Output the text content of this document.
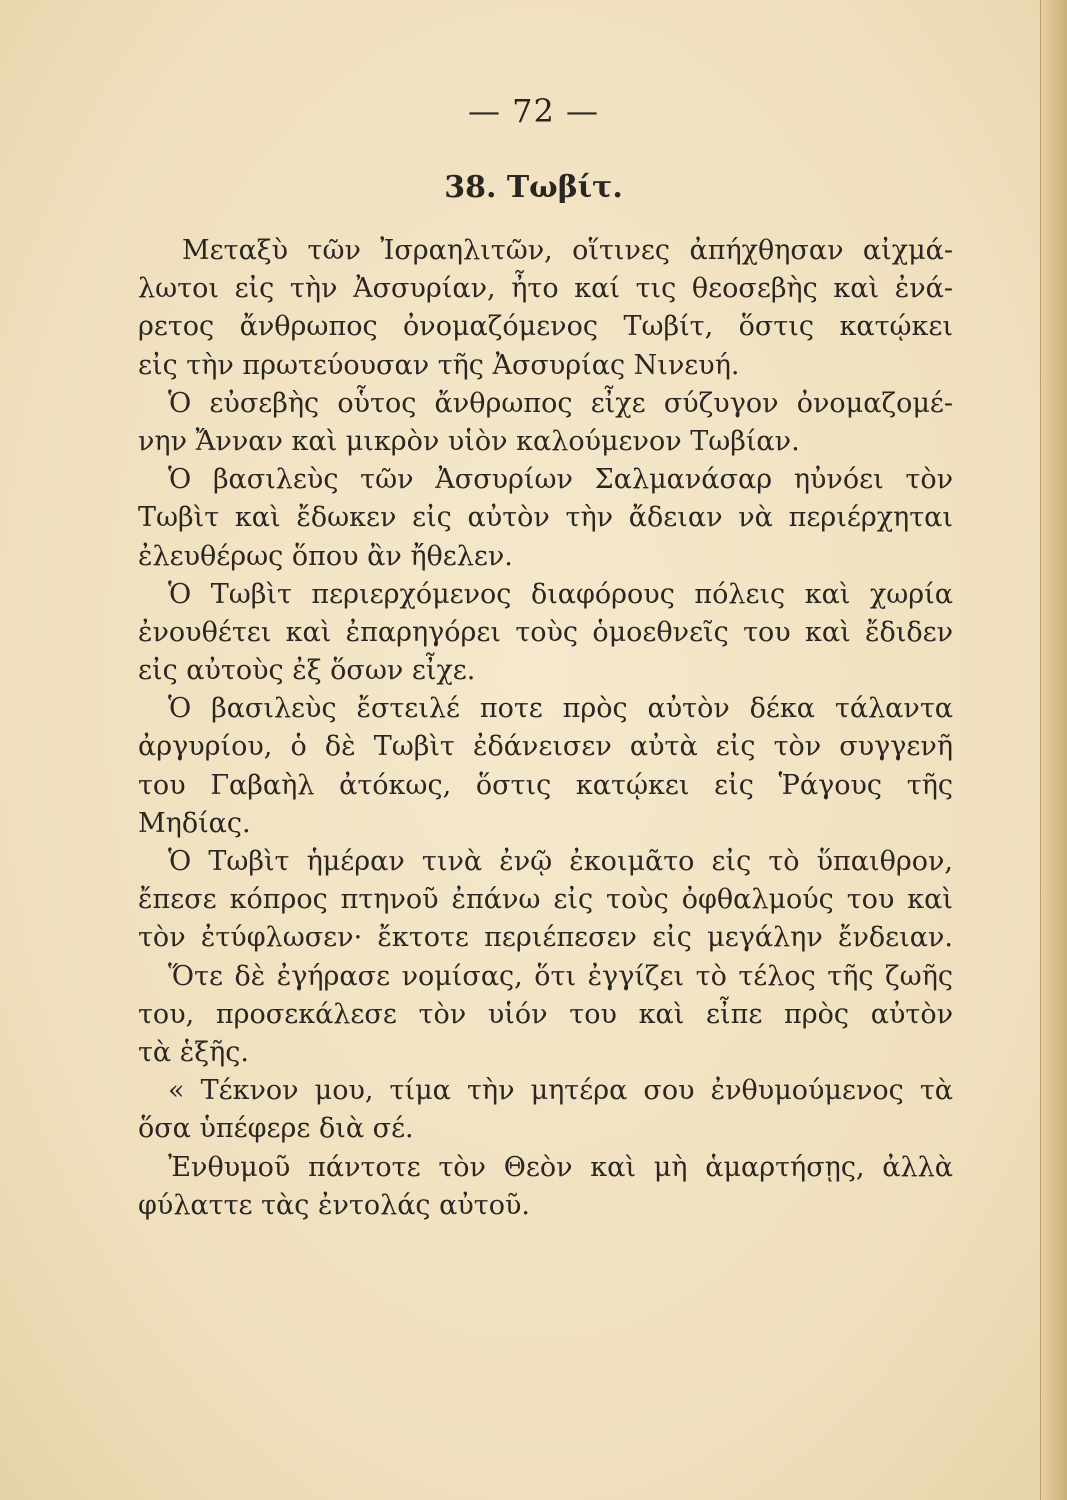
— 72 —
38. Τωβίτ.
Μεταξὺ τῶν Ἰσραηλιτῶν, οἵτινες ἀπήχθησαν αἰχμά-
λωτοι εἰς τὴν Ἀσσυρίαν, ἦτο καί τις θεοσεβὴς καὶ ἐνά-
ρετος ἄνθρωπος ὀνομαζόμενος Τωβίτ, ὅστις κατῴκει
εἰς τὴν πρωτεύουσαν τῆς Ἀσσυρίας Νινευή.
Ὁ εὐσεβὴς οὗτος ἄνθρωπος εἶχε σύζυγον ὀνομαζομέ-
νην Ἄνναν καὶ μικρὸν υἱὸν καλούμενον Τωβίαν.
Ὁ βασιλεὺς τῶν Ἀσσυρίων Σαλμανάσαρ ηὐνόει τὸν
Τωβὶτ καὶ ἔδωκεν εἰς αὐτὸν τὴν ἄδειαν νὰ περιέρχηται
ἐλευθέρως ὅπου ἂν ἤθελεν.
Ὁ Τωβὶτ περιερχόμενος διαφόρους πόλεις καὶ χωρία
ἐνουθέτει καὶ ἐπαρηγόρει τοὺς ὁμοεθνεῖς του καὶ ἔδιδεν
εἰς αὐτοὺς ἐξ ὅσων εἶχε.
Ὁ βασιλεὺς ἔστειλέ ποτε πρὸς αὐτὸν δέκα τάλαντα
ἀργυρίου, ὁ δὲ Τωβὶτ ἐδάνεισεν αὐτὰ εἰς τὸν συγγενῆ
του Γαβαὴλ ἀτόκως, ὅστις κατῴκει εἰς Ῥάγους τῆς
Μηδίας.
Ὁ Τωβὶτ ἡμέραν τινὰ ἐνῷ ἐκοιμᾶτο εἰς τὸ ὕπαιθρον,
ἔπεσε κόπρος πτηνοῦ ἐπάνω εἰς τοὺς ὀφθαλμούς του καὶ
τὸν ἐτύφλωσεν· ἔκτοτε περιέπεσεν εἰς μεγάλην ἔνδειαν.
Ὅτε δὲ ἐγήρασε νομίσας, ὅτι ἐγγίζει τὸ τέλος τῆς ζωῆς
του, προσεκάλεσε τὸν υἱόν του καὶ εἶπε πρὸς αὐτὸν
τὰ ἑξῆς.
« Τέκνον μου, τίμα τὴν μητέρα σου ἐνθυμούμενος τὰ
ὅσα ὑπέφερε διὰ σέ.
Ἐνθυμοῦ πάντοτε τὸν Θεὸν καὶ μὴ ἁμαρτήσῃς, ἀλλὰ
φύλαττε τὰς ἐντολάς αὐτοῦ.
